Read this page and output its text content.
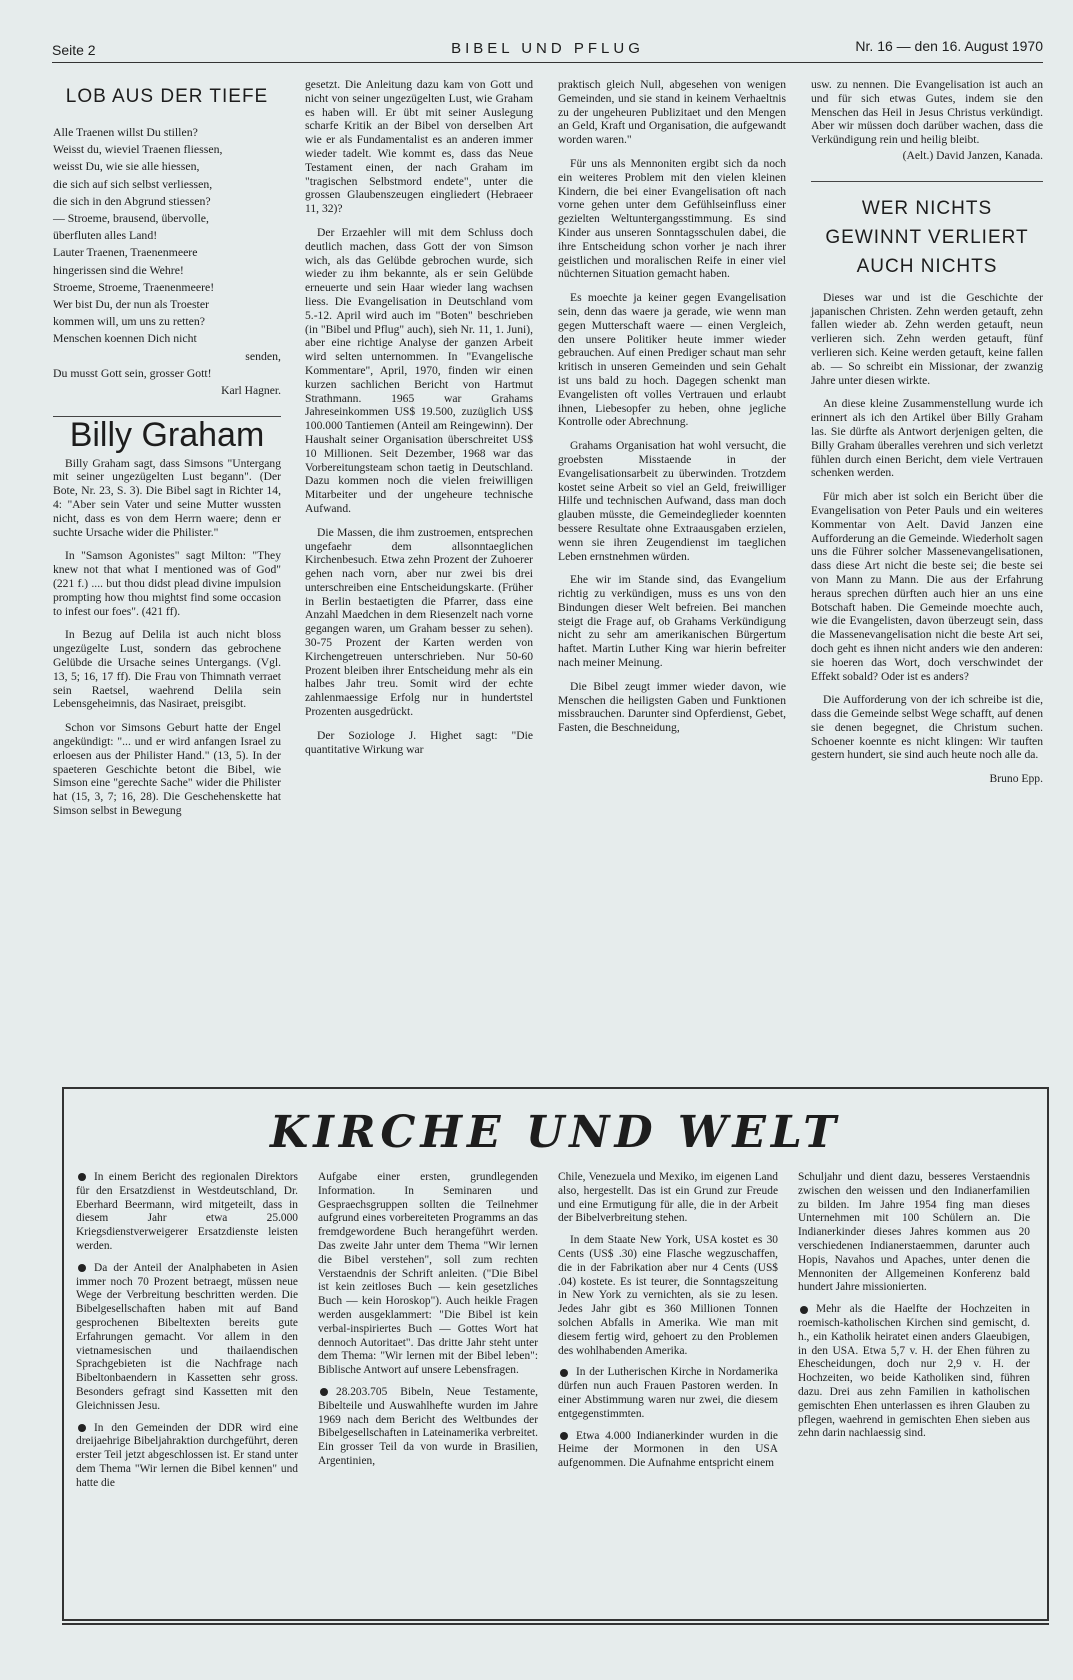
Seite 2	BIBEL UND PFLUG	Nr. 16 — den 16. August 1970
LOB AUS DER TIEFE
Alle Traenen willst Du stillen?
Weisst du, wieviel Traenen fliessen,
weisst Du, wie sie alle hiessen,
die sich auf sich selbst verliessen,
die sich in den Abgrund stiessen?
— Stroeme, brausend, übervolle,
überfluten alles Land!
Lauter Traenen, Traenenmeere
hingerissen sind die Wehre!
Stroeme, Stroeme, Traenenmeere!
Wer bist Du, der nun als Troester
kommen will, um uns zu retten?
Menschen koennen Dich nicht
senden,
Du musst Gott sein, grosser Gott!
Karl Hagner.
Billy Graham

Billy Graham sagt, dass Simsons "Untergang mit seiner ungezügelten Lust begann". (Der Bote, Nr. 23, S. 3). Die Bibel sagt in Richter 14, 4: "Aber sein Vater und seine Mutter wussten nicht, dass es von dem Herrn waere; denn er suchte Ursache wider die Philister."

In "Samson Agonistes" sagt Milton: "They knew not that what I mentioned was of God" (221 f.) .... but thou didst plead divine impulsion prompting how thou mightst find some occasion to infest our foes". (421 ff).

In Bezug auf Delila ist auch nicht bloss ungezügelte Lust, sondern das gebrochene Gelübde die Ursache seines Untergangs. (Vgl. 13, 5; 16, 17 ff). Die Frau von Thimnath verraet sein Raetsel, waehrend Delila sein Lebensgeheimnis, das Nasiraet, preisgibt.

Schon vor Simsons Geburt hatte der Engel angekündigt: "... und er wird anfangen Israel zu erloesen aus der Philister Hand." (13, 5). In der spaeteren Geschichte betont die Bibel, wie Simson eine "gerechte Sache" wider die Philister hat (15, 3, 7; 16, 28). Die Geschehenskette hat Simson selbst in Bewegung

gesetzt. Die Anleitung dazu kam von Gott und nicht von seiner ungezügelten Lust, wie Graham es haben will. Er übt mit seiner Auslegung scharfe Kritik an der Bibel von derselben Art wie er als Fundamentalist es an anderen immer wieder tadelt. Wie kommt es, dass das Neue Testament einen, der nach Graham im "tragischen Selbstmord endete", unter die grossen Glaubenszeugen eingliedert (Hebraeer 11, 32)?

Der Erzaehler will mit dem Schluss doch deutlich machen, dass Gott der von Simson wich, als das Gelübde gebrochen wurde, sich wieder zu ihm bekannte, als er sein Gelübde erneuerte und sein Haar wieder lang wachsen liess. Die Evangelisation in Deutschland vom 5.-12. April wird auch im "Boten" beschrieben (in "Bibel und Pflug" auch), sieh Nr. 11, 1. Juni), aber eine richtige Analyse der ganzen Arbeit wird selten unternommen. In "Evangelische Kommentare", April, 1970, finden wir einen kurzen sachlichen Bericht von Hartmut Strathmann. 1965 war Grahams Jahreseinkommen US$ 19.500, zuzüglich US$ 100.000 Tantiemen (Anteil am Reingewinn). Der Haushalt seiner Organisation überschreitet US$ 10 Millionen. Seit Dezember, 1968 war das Vorbereitungsteam schon taetig in Deutschland. Dazu kommen noch die vielen freiwilligen Mitarbeiter und der ungeheure technische Aufwand.

Die Massen, die ihm zustroemen, entsprechen ungefaehr dem allsonntaeglichen Kirchenbesuch. Etwa zehn Prozent der Zuhoerer gehen nach vorn, aber nur zwei bis drei unterschreiben eine Entscheidungskarte. (Früher in Berlin bestaetigten die Pfarrer, dass eine Anzahl Maedchen in dem Riesenzelt nach vorne gegangen waren, um Graham besser zu sehen). 30-75 Prozent der Karten werden von Kirchengetreuen unterschrieben. Nur 50-60 Prozent bleiben ihrer Entscheidung mehr als ein halbes Jahr treu. Somit wird der echte zahlenmaessige Erfolg nur in hundertstel Prozenten ausgedrückt.

Der Soziologe J. Highet sagt: "Die quantitative Wirkung war

praktisch gleich Null, abgesehen von wenigen Gemeinden, und sie stand in keinem Verhaeltnis zu der ungeheuren Publizitaet und den Mengen an Geld, Kraft und Organisation, die aufgewandt worden waren."

Für uns als Mennoniten ergibt sich da noch ein weiteres Problem mit den vielen kleinen Kindern, die bei einer Evangelisation oft nach vorne gehen unter dem Gefühlseinfluss einer gezielten Weltuntergangsstimmung. Es sind Kinder aus unseren Sonntagsschulen dabei, die ihre Entscheidung schon vorher je nach ihrer geistlichen und moralischen Reife in einer viel nüchternen Situation gemacht haben.

Es moechte ja keiner gegen Evangelisation sein, denn das waere ja gerade, wie wenn man gegen Mutterschaft waere — einen Vergleich, den unsere Politiker heute immer wieder gebrauchen. Auf einen Prediger schaut man sehr kritisch in unseren Gemeinden und sein Gehalt ist uns bald zu hoch. Dagegen schenkt man Evangelisten oft volles Vertrauen und erlaubt ihnen, Liebesopfer zu heben, ohne jegliche Kontrolle oder Abrechnung.

Grahams Organisation hat wohl versucht, die groebsten Misstaende in der Evangelisationsarbeit zu überwinden. Trotzdem kostet seine Arbeit so viel an Geld, freiwilliger Hilfe und technischen Aufwand, dass man doch glauben müsste, die Gemeindeglieder koennten bessere Resultate ohne Extraausgaben erzielen, wenn sie ihren Zeugendienst im taeglichen Leben ernstnehmen würden.

Ehe wir im Stande sind, das Evangelium richtig zu verkündigen, muss es uns von den Bindungen dieser Welt befreien. Bei manchen steigt die Frage auf, ob Grahams Verkündigung nicht zu sehr am amerikanischen Bürgertum haftet. Martin Luther King war hierin befreiter nach meiner Meinung.

Die Bibel zeugt immer wieder davon, wie Menschen die heiligsten Gaben und Funktionen missbrauchen. Darunter sind Opferdienst, Gebet, Fasten, die Beschneidung,

usw. zu nennen. Die Evangelisation ist auch an und für sich etwas Gutes, indem sie den Menschen das Heil in Jesus Christus verkündigt. Aber wir müssen doch darüber wachen, dass die Verkündigung rein und heilig bleibt.

(Aelt.) David Janzen, Kanada.
WER NICHTS GEWINNT VERLIERT AUCH NICHTS

Dieses war und ist die Geschichte der japanischen Christen. Zehn werden getauft, zehn fallen wieder ab. Zehn werden getauft, neun verlieren sich. Zehn werden getauft, fünf verlieren sich. Keine werden getauft, keine fallen ab. — So schreibt ein Missionar, der zwanzig Jahre unter diesen wirkte.

An diese kleine Zusammenstellung wurde ich erinnert als ich den Artikel über Billy Graham las. Sie dürfte als Antwort derjenigen gelten, die Billy Graham überalles verehren und sich verletzt fühlen durch einen Bericht, dem viele Vertrauen schenken werden.

Für mich aber ist solch ein Bericht über die Evangelisation von Peter Pauls und ein weiteres Kommentar von Aelt. David Janzen eine Aufforderung an die Gemeinde. Wiederholt sagen uns die Führer solcher Massenevangelisationen, dass diese Art nicht die beste sei; die beste sei von Mann zu Mann. Die aus der Erfahrung heraus sprechen dürften auch hier an uns eine Botschaft haben. Die Gemeinde moechte auch, wie die Evangelisten, davon überzeugt sein, dass die Massenevangelisation nicht die beste Art sei, doch geht es ihnen nicht anders wie den anderen: sie hoeren das Wort, doch verschwindet der Effekt sobald? Oder ist es anders?

Die Aufforderung von der ich schreibe ist die, dass die Gemeinde selbst Wege schafft, auf denen sie denen begegnet, die Christum suchen. Schoener koennte es nicht klingen: Wir tauften gestern hundert, sie sind auch heute noch alle da.

Bruno Epp.
KIRCHE UND WELT

In einem Bericht des regionalen Direktors für den Ersatzdienst in Westdeutschland, Dr. Eberhard Beermann, wird mitgeteilt, dass in diesem Jahr etwa 25.000 Kriegsdienstverweigerer Ersatzdienste leisten werden.

Da der Anteil der Analphabeten in Asien immer noch 70 Prozent betraegt, müssen neue Wege der Verbreitung beschritten werden. Die Bibelgesellschaften haben mit auf Band gesprochenen Bibeltexten bereits gute Erfahrungen gemacht. Vor allem in den vietnamesischen und thailaendischen Sprachgebieten ist die Nachfrage nach Bibeltonbaendern in Kassetten sehr gross. Besonders gefragt sind Kassetten mit den Gleichnissen Jesu.

In den Gemeinden der DDR wird eine dreijaehrige Bibeljahraktion durchgeführt, deren erster Teil jetzt abgeschlossen ist. Er stand unter dem Thema "Wir lernen die Bibel kennen" und hatte die

Aufgabe einer ersten, grundlegenden Information. In Seminaren und Gespraechsgruppen sollten die Teilnehmer aufgrund eines vorbereiteten Programms an das fremdgewordene Buch herangeführt werden. Das zweite Jahr unter dem Thema "Wir lernen die Bibel verstehen", soll zum rechten Verstaendnis der Schrift anleiten. ("Die Bibel ist kein zeitloses Buch — kein gesetzliches Buch — kein Horoskop"). Auch heikle Fragen werden ausgeklammert: "Die Bibel ist kein verbal-inspiriertes Buch — Gottes Wort hat dennoch Autoritaet". Das dritte Jahr steht unter dem Thema: "Wir lernen mit der Bibel leben": Biblische Antwort auf unsere Lebensfragen.

28.203.705 Bibeln, Neue Testamente, Bibelteile und Auswahlhefte wurden im Jahre 1969 nach dem Bericht des Weltbundes der Bibelgesellschaften in Lateinamerika verbreitet. Ein grosser Teil da von wurde in Brasilien, Argentinien,

Chile, Venezuela und Mexiko, im eigenen Land also, hergestellt. Das ist ein Grund zur Freude und eine Ermutigung für alle, die in der Arbeit der Bibelverbreitung stehen.

In dem Staate New York, USA kostet es 30 Cents (US$ .30) eine Flasche wegzuschaffen, die in der Fabrikation aber nur 4 Cents (US$ .04) kostete. Es ist teurer, die Sonntagszeitung in New York zu vernichten, als sie zu lesen. Jedes Jahr gibt es 360 Millionen Tonnen solchen Abfalls in Amerika. Wie man mit diesem fertig wird, gehoert zu den Problemen des wohlhabenden Amerika.

In der Lutherischen Kirche in Nordamerika dürfen nun auch Frauen Pastoren werden. In einer Abstimmung waren nur zwei, die diesem entgegenstimmten.

Etwa 4.000 Indianerkinder wurden in die Heime der Mormonen in den USA aufgenommen. Die Aufnahme entspricht einem

Schuljahr und dient dazu, besseres Verstaendnis zwischen den weissen und den Indianerfamilien zu bilden. Im Jahre 1954 fing man dieses Unternehmen mit 100 Schülern an. Die Indianerkinder dieses Jahres kommen aus 20 verschiedenen Indianerstaemmen, darunter auch Hopis, Navahos und Apaches, unter denen die Mennoniten der Allgemeinen Konferenz bald hundert Jahre missionierten.

Mehr als die Haelfte der Hochzeiten in roemisch-katholischen Kirchen sind gemischt, d. h., ein Katholik heiratet einen anders Glaeubigen, in den USA. Etwa 5,7 v. H. der Ehen führen zu Ehescheidungen, doch nur 2,9 v. H. der Hochzeiten, wo beide Katholiken sind, führen dazu. Drei aus zehn Familien in katholischen gemischten Ehen unterlassen es ihren Glauben zu pflegen, waehrend in gemischten Ehen sieben aus zehn darin nachlaessig sind.
